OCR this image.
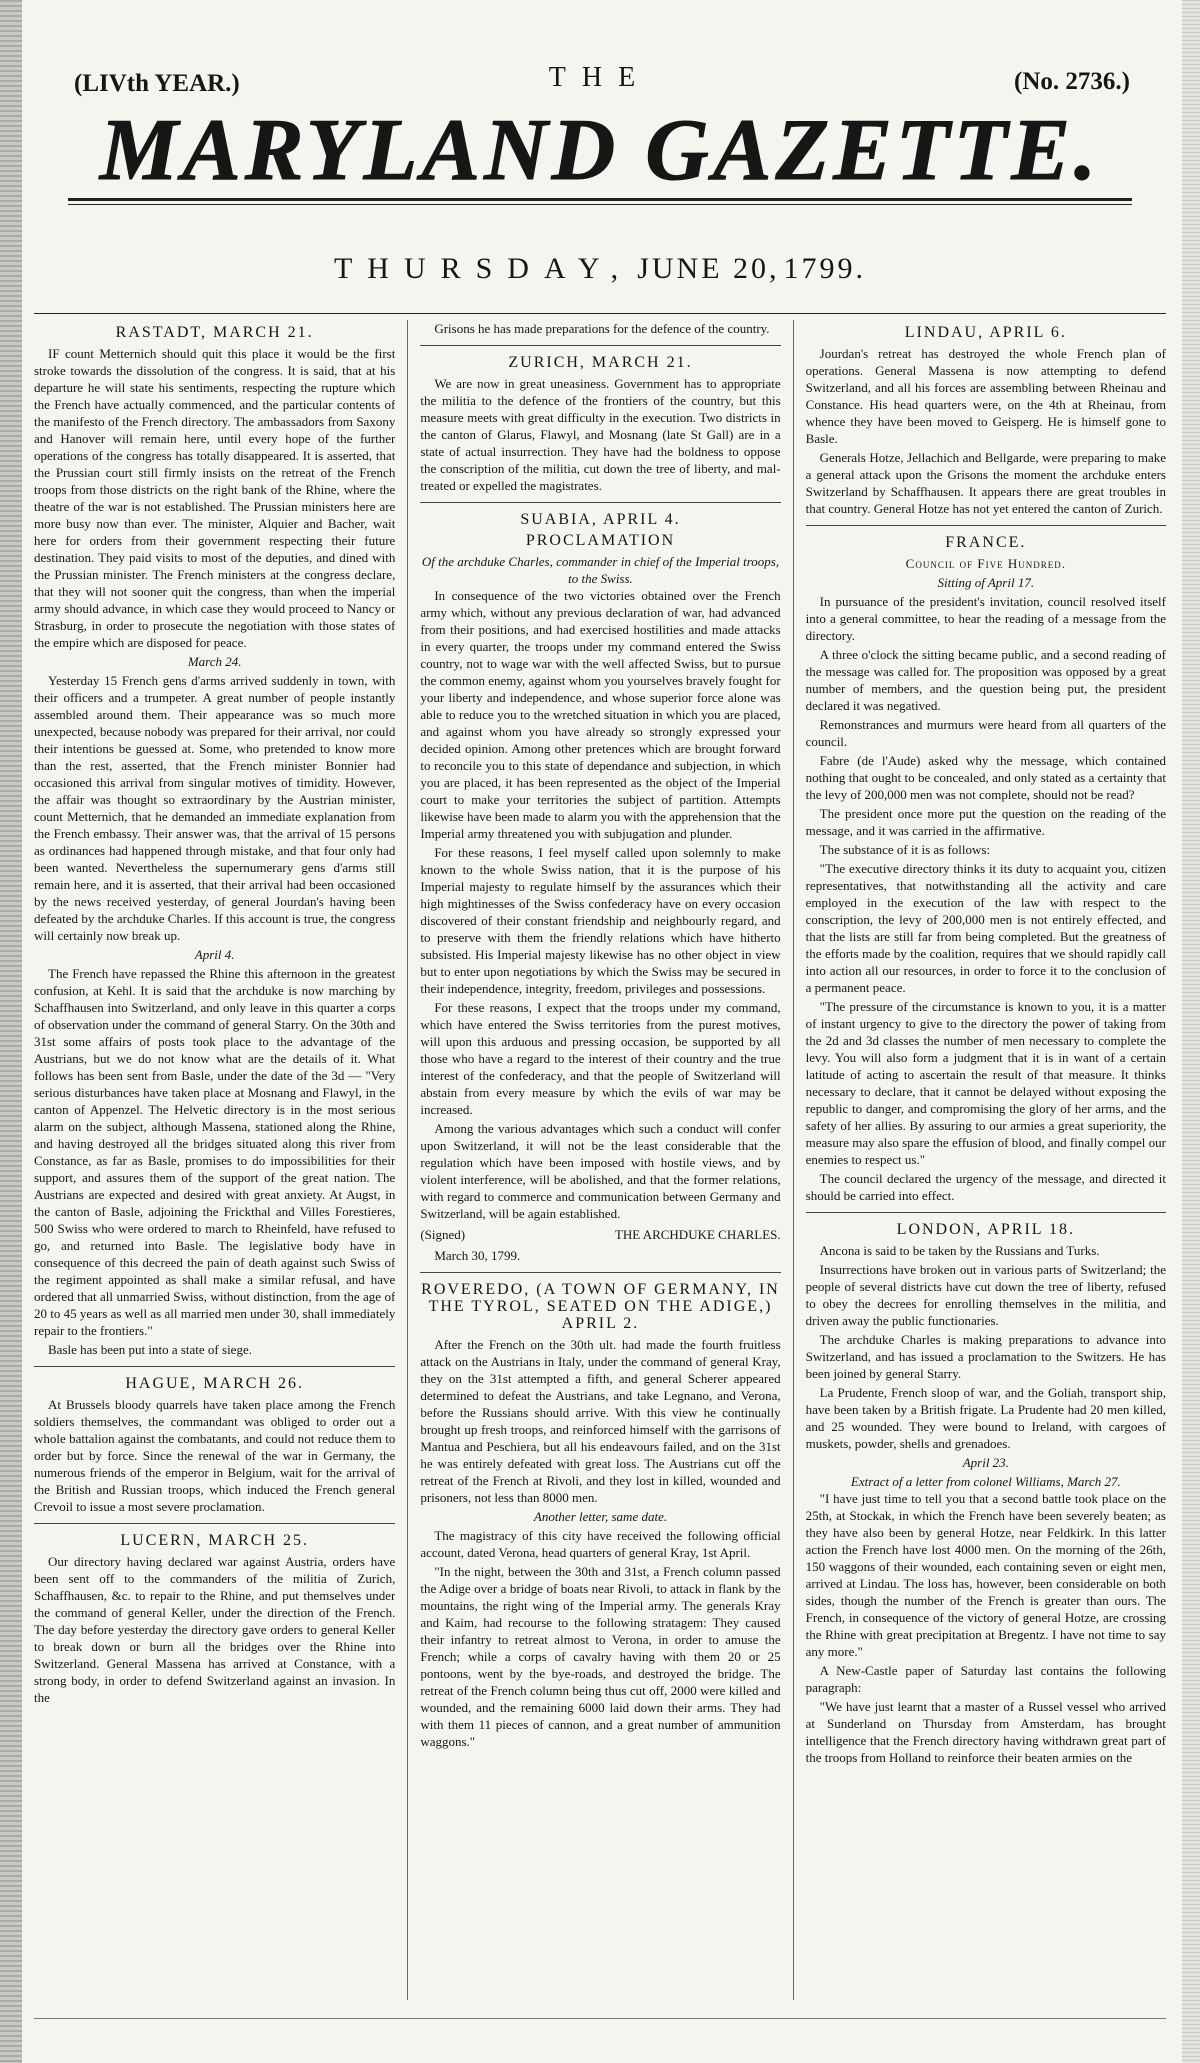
(LIVth YEAR.)	THE	(No. 2736.)
MARYLAND GAZETTE.
THURSDAY, JUNE 20, 1799.
RASTADT, MARCH 21.
IF count Metternich should quit this place it would be the first stroke towards the dissolution of the congress. It is said, that at his departure he will state his sentiments, respecting the rupture which the French have actually commenced, and the particular contents of the manifesto of the French directory. The ambassadors from Saxony and Hanover will remain here, until every hope of the further operations of the congress has totally disappeared. It is asserted, that the Prussian court still firmly insists on the retreat of the French troops from those districts on the right bank of the Rhine, where the theatre of the war is not established. The Prussian ministers here are more busy now than ever. The minister, Alquier and Bacher, wait here for orders from their government respecting their future destination. They paid visits to most of the deputies, and dined with the Prussian minister. The French ministers at the congress declare, that they will not sooner quit the congress, than when the imperial army should advance, in which case they would proceed to Nancy or Strasburg, in order to prosecute the negotiation with those states of the empire which are disposed for peace.
March 24.
Yesterday 15 French gens d'arms arrived suddenly in town, with their officers and a trumpeter. A great number of people instantly assembled around them. Their appearance was so much more unexpected, because nobody was prepared for their arrival, nor could their intentions be guessed at. Some, who pretended to know more than the rest, asserted, that the French minister Bonnier had occasioned this arrival from singular motives of timidity. However, the affair was thought so extraordinary by the Austrian minister, count Metternich, that he demanded an immediate explanation from the French embassy. Their answer was, that the arrival of 15 persons as ordinances had happened through mistake, and that four only had been wanted. Nevertheless the supernumerary gens d'arms still remain here, and it is asserted, that their arrival had been occasioned by the news received yesterday, of general Jourdan's having been defeated by the archduke Charles. If this account is true, the congress will certainly now break up.
April 4.
The French have repassed the Rhine this afternoon in the greatest confusion, at Kehl. It is said that the archduke is now marching by Schaffhausen into Switzerland, and only leave in this quarter a corps of observation under the command of general Starry. On the 30th and 31st some affairs of posts took place to the advantage of the Austrians, but we do not know what are the details of it. What follows has been sent from Basle, under the date of the 3d — "Very serious disturbances have taken place at Mosnang and Flawyl, in the canton of Appenzel. The Helvetic directory is in the most serious alarm on the subject, although Massena, stationed along the Rhine, and having destroyed all the bridges situated along this river from Constance, as far as Basle, promises to do impossibilities for their support, and assures them of the support of the great nation. The Austrians are expected and desired with great anxiety. At Augst, in the canton of Basle, adjoining the Frickthal and Villes Forestieres, 500 Swiss who were ordered to march to Rheinfeld, have refused to go, and returned into Basle. The legislative body have in consequence of this decreed the pain of death against such Swiss of the regiment appointed as shall make a similar refusal, and have ordered that all unmarried Swiss, without distinction, from the age of 20 to 45 years as well as all married men under 30, shall immediately repair to the frontiers."
Basle has been put into a state of siege.
HAGUE, MARCH 26.
At Brussels bloody quarrels have taken place among the French soldiers themselves, the commandant was obliged to order out a whole battalion against the combatants, and could not reduce them to order but by force. Since the renewal of the war in Germany, the numerous friends of the emperor in Belgium, wait for the arrival of the British and Russian troops, which induced the French general Crevoil to issue a most severe proclamation.
LUCERN, MARCH 25.
Our directory having declared war against Austria, orders have been sent off to the commanders of the militia of Zurich, Schaffhausen, &c. to repair to the Rhine, and put themselves under the command of general Keller, under the direction of the French. The day before yesterday the directory gave orders to general Keller to break down or burn all the bridges over the Rhine into Switzerland. General Massena has arrived at Constance, with a strong body, in order to defend Switzerland against an invasion. In the
Grisons he has made preparations for the defence of the country.
ZURICH, MARCH 21.
We are now in great uneasiness. Government has to appropriate the militia to the defence of the frontiers of the country, but this measure meets with great difficulty in the execution. Two districts in the canton of Glarus, Flawyl, and Mosnang (late St Gall) are in a state of actual insurrection. They have had the boldness to oppose the conscription of the militia, cut down the tree of liberty, and mal-treated or expelled the magistrates.
SUABIA, APRIL 4.
PROCLAMATION
Of the archduke Charles, commander in chief of the Imperial troops, to the Swiss.
In consequence of the two victories obtained over the French army which, without any previous declaration of war, had advanced from their positions, and had exercised hostilities and made attacks in every quarter, the troops under my command entered the Swiss country, not to wage war with the well affected Swiss, but to pursue the common enemy, against whom you yourselves bravely fought for your liberty and independence, and whose superior force alone was able to reduce you to the wretched situation in which you are placed, and against whom you have already so strongly expressed your decided opinion. Among other pretences which are brought forward to reconcile you to this state of dependance and subjection, in which you are placed, it has been represented as the object of the Imperial court to make your territories the subject of partition. Attempts likewise have been made to alarm you with the apprehension that the Imperial army threatened you with subjugation and plunder.
For these reasons, I feel myself called upon solemnly to make known to the whole Swiss nation, that it is the purpose of his Imperial majesty to regulate himself by the assurances which their high mightinesses of the Swiss confederacy have on every occasion discovered of their constant friendship and neighbourly regard, and to preserve with them the friendly relations which have hitherto subsisted. His Imperial majesty likewise has no other object in view but to enter upon negotiations by which the Swiss may be secured in their independence, integrity, freedom, privileges and possessions.
For these reasons, I expect that the troops under my command, which have entered the Swiss territories from the purest motives, will upon this arduous and pressing occasion, be supported by all those who have a regard to the interest of their country and the true interest of the confederacy, and that the people of Switzerland will abstain from every measure by which the evils of war may be increased.
Among the various advantages which such a conduct will confer upon Switzerland, it will not be the least considerable that the regulation which have been imposed with hostile views, and by violent interference, will be abolished, and that the former relations, with regard to commerce and communication between Germany and Switzerland, will be again established.
(Signed)	THE ARCHDUKE CHARLES.
March 30, 1799.
ROVEREDO, (A TOWN OF GERMANY, IN THE TYROL, SEATED ON THE ADIGE,) APRIL 2.
After the French on the 30th ult. had made the fourth fruitless attack on the Austrians in Italy, under the command of general Kray, they on the 31st attempted a fifth, and general Scherer appeared determined to defeat the Austrians, and take Legnano, and Verona, before the Russians should arrive. With this view he continually brought up fresh troops, and reinforced himself with the garrisons of Mantua and Peschiera, but all his endeavours failed, and on the 31st he was entirely defeated with great loss. The Austrians cut off the retreat of the French at Rivoli, and they lost in killed, wounded and prisoners, not less than 8000 men.
Another letter, same date.
The magistracy of this city have received the following official account, dated Verona, head quarters of general Kray, 1st April.
"In the night, between the 30th and 31st, a French column passed the Adige over a bridge of boats near Rivoli, to attack in flank by the mountains, the right wing of the Imperial army. The generals Kray and Kaim, had recourse to the following stratagem: They caused their infantry to retreat almost to Verona, in order to amuse the French; while a corps of cavalry having with them 20 or 25 pontoons, went by the bye-roads, and destroyed the bridge. The retreat of the French column being thus cut off, 2000 were killed and wounded, and the remaining 6000 laid down their arms. They had with them 11 pieces of cannon, and a great number of ammunition waggons."
LINDAU, APRIL 6.
Jourdan's retreat has destroyed the whole French plan of operations. General Massena is now attempting to defend Switzerland, and all his forces are assembling between Rheinau and Constance. His head quarters were, on the 4th at Rheinau, from whence they have been moved to Geisperg. He is himself gone to Basle.
Generals Hotze, Jellachich and Bellgarde, were preparing to make a general attack upon the Grisons the moment the archduke enters Switzerland by Schaffhausen. It appears there are great troubles in that country. General Hotze has not yet entered the canton of Zurich.
FRANCE.
Council of Five Hundred.
Sitting of April 17.
In pursuance of the president's invitation, council resolved itself into a general committee, to hear the reading of a message from the directory.
A three o'clock the sitting became public, and a second reading of the message was called for. The proposition was opposed by a great number of members, and the question being put, the president declared it was negatived.
Remonstrances and murmurs were heard from all quarters of the council.
Fabre (de l'Aude) asked why the message, which contained nothing that ought to be concealed, and only stated as a certainty that the levy of 200,000 men was not complete, should not be read?
The president once more put the question on the reading of the message, and it was carried in the affirmative.
The substance of it is as follows:
"The executive directory thinks it its duty to acquaint you, citizen representatives, that notwithstanding all the activity and care employed in the execution of the law with respect to the conscription, the levy of 200,000 men is not entirely effected, and that the lists are still far from being completed. But the greatness of the efforts made by the coalition, requires that we should rapidly call into action all our resources, in order to force it to the conclusion of a permanent peace.
"The pressure of the circumstance is known to you, it is a matter of instant urgency to give to the directory the power of taking from the 2d and 3d classes the number of men necessary to complete the levy. You will also form a judgment that it is in want of a certain latitude of acting to ascertain the result of that measure. It thinks necessary to declare, that it cannot be delayed without exposing the republic to danger, and compromising the glory of her arms, and the safety of her allies. By assuring to our armies a great superiority, the measure may also spare the effusion of blood, and finally compel our enemies to respect us."
The council declared the urgency of the message, and directed it should be carried into effect.
LONDON, APRIL 18.
Ancona is said to be taken by the Russians and Turks.
Insurrections have broken out in various parts of Switzerland; the people of several districts have cut down the tree of liberty, refused to obey the decrees for enrolling themselves in the militia, and driven away the public functionaries.
The archduke Charles is making preparations to advance into Switzerland, and has issued a proclamation to the Switzers. He has been joined by general Starry.
La Prudente, French sloop of war, and the Goliah, transport ship, have been taken by a British frigate. La Prudente had 20 men killed, and 25 wounded. They were bound to Ireland, with cargoes of muskets, powder, shells and grenadoes.
April 23.
Extract of a letter from colonel Williams, March 27.
"I have just time to tell you that a second battle took place on the 25th, at Stockak, in which the French have been severely beaten; as they have also been by general Hotze, near Feldkirk. In this latter action the French have lost 4000 men. On the morning of the 26th, 150 waggons of their wounded, each containing seven or eight men, arrived at Lindau. The loss has, however, been considerable on both sides, though the number of the French is greater than ours. The French, in consequence of the victory of general Hotze, are crossing the Rhine with great precipitation at Bregentz. I have not time to say any more."
A New-Castle paper of Saturday last contains the following paragraph:
"We have just learnt that a master of a Russel vessel who arrived at Sunderland on Thursday from Amsterdam, has brought intelligence that the French directory having withdrawn great part of the troops from Holland to reinforce their beaten armies on the
